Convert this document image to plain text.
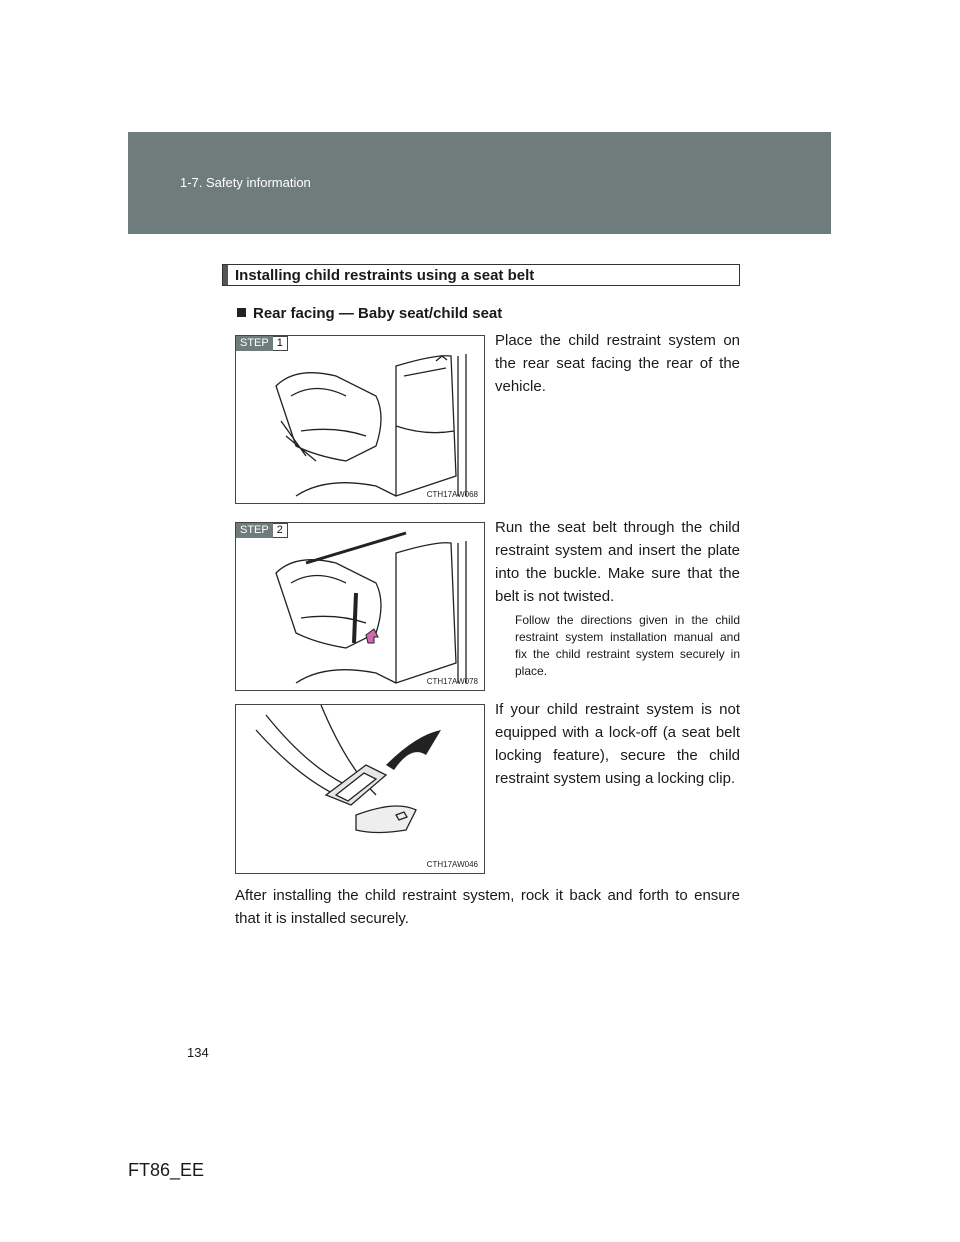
1-7. Safety information
Installing child restraints using a seat belt
Rear facing — Baby seat/child seat
STEP 1
CTH17AW068
Place the child restraint system on the rear seat facing the rear of the vehicle.
STEP 2
CTH17AW078
Run the seat belt through the child restraint system and insert the plate into the buckle. Make sure that the belt is not twisted.
Follow the directions given in the child restraint system installation manual and fix the child restraint system securely in place.
CTH17AW046
If your child restraint system is not equipped with a lock-off (a seat belt locking feature), secure the child restraint system using a locking clip.
After installing the child restraint system, rock it back and forth to ensure that it is installed securely.
134
FT86_EE
